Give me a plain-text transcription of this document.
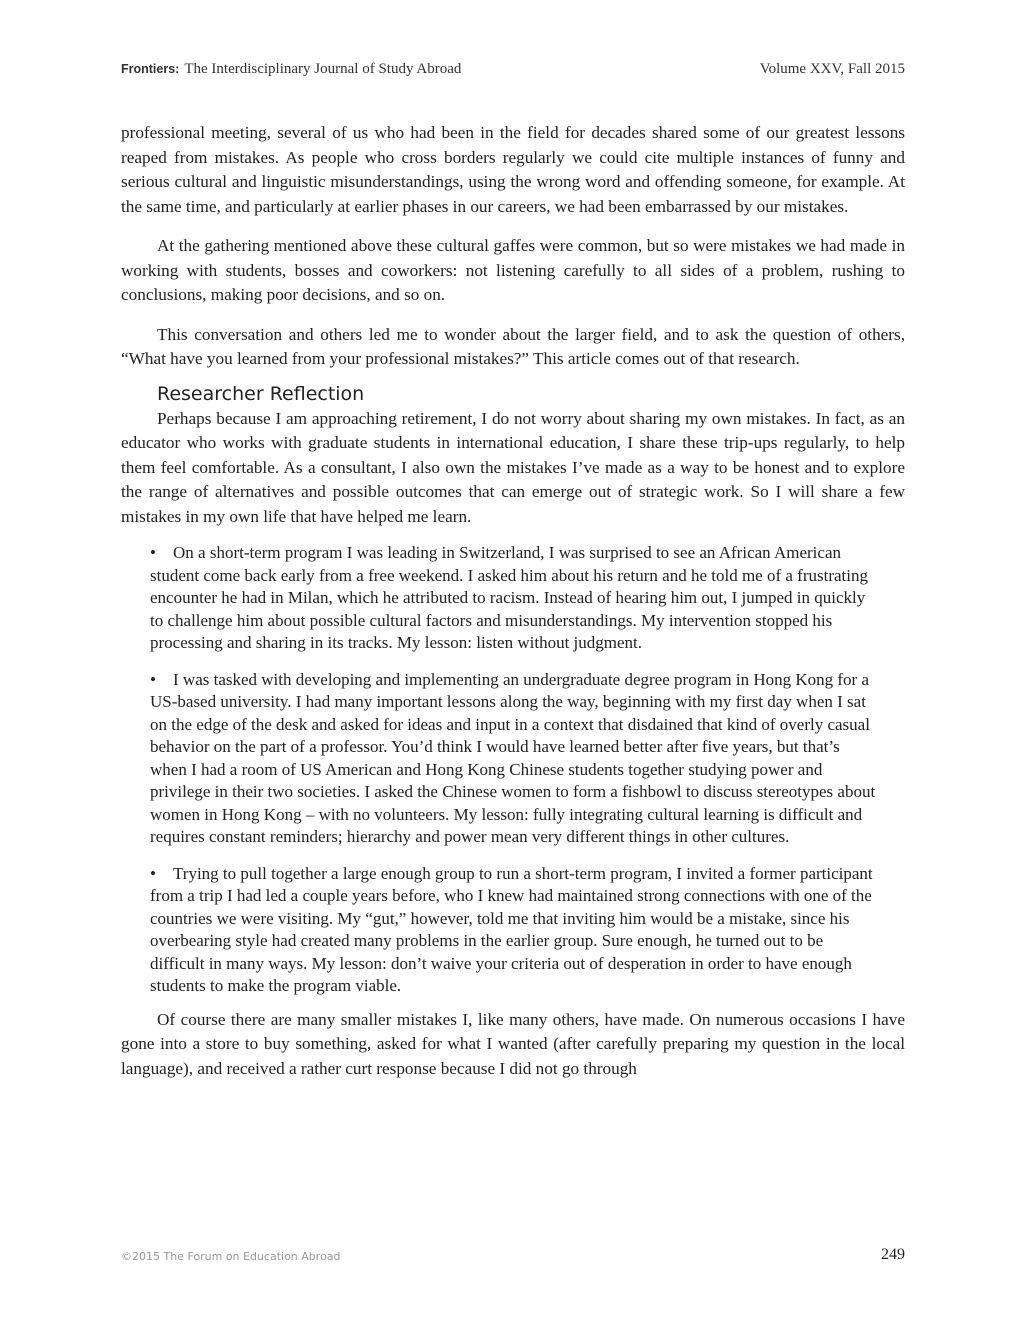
Frontiers: The Interdisciplinary Journal of Study Abroad	Volume XXV, Fall 2015

professional meeting, several of us who had been in the field for decades shared some of our greatest lessons reaped from mistakes. As people who cross borders regularly we could cite multiple instances of funny and serious cultural and linguistic misunderstandings, using the wrong word and offending someone, for example. At the same time, and particularly at earlier phases in our careers, we had been embarrassed by our mistakes.

At the gathering mentioned above these cultural gaffes were common, but so were mistakes we had made in working with students, bosses and coworkers: not listening carefully to all sides of a problem, rushing to conclusions, making poor decisions, and so on.

This conversation and others led me to wonder about the larger field, and to ask the question of others, “What have you learned from your professional mistakes?” This article comes out of that research.

Researcher Reflection

Perhaps because I am approaching retirement, I do not worry about sharing my own mistakes. In fact, as an educator who works with graduate students in international education, I share these trip-ups regularly, to help them feel comfortable. As a consultant, I also own the mistakes I’ve made as a way to be honest and to explore the range of alternatives and possible outcomes that can emerge out of strategic work. So I will share a few mistakes in my own life that have helped me learn.

• On a short-term program I was leading in Switzerland, I was surprised to see an African American student come back early from a free weekend. I asked him about his return and he told me of a frustrating encounter he had in Milan, which he attributed to racism. Instead of hearing him out, I jumped in quickly to challenge him about possible cultural factors and misunderstandings. My intervention stopped his processing and sharing in its tracks. My lesson: listen without judgment.
• I was tasked with developing and implementing an undergraduate degree program in Hong Kong for a US-based university. I had many important lessons along the way, beginning with my first day when I sat on the edge of the desk and asked for ideas and input in a context that disdained that kind of overly casual behavior on the part of a professor. You’d think I would have learned better after five years, but that’s when I had a room of US American and Hong Kong Chinese students together studying power and privilege in their two societies. I asked the Chinese women to form a fishbowl to discuss stereotypes about women in Hong Kong – with no volunteers. My lesson: fully integrating cultural learning is difficult and requires constant reminders; hierarchy and power mean very different things in other cultures.
• Trying to pull together a large enough group to run a short-term program, I invited a former participant from a trip I had led a couple years before, who I knew had maintained strong connections with one of the countries we were visiting. My “gut,” however, told me that inviting him would be a mistake, since his overbearing style had created many problems in the earlier group. Sure enough, he turned out to be difficult in many ways. My lesson: don’t waive your criteria out of desperation in order to have enough students to make the program viable.

Of course there are many smaller mistakes I, like many others, have made. On numerous occasions I have gone into a store to buy something, asked for what I wanted (after carefully preparing my question in the local language), and received a rather curt response because I did not go through

©2015 The Forum on Education Abroad	249
